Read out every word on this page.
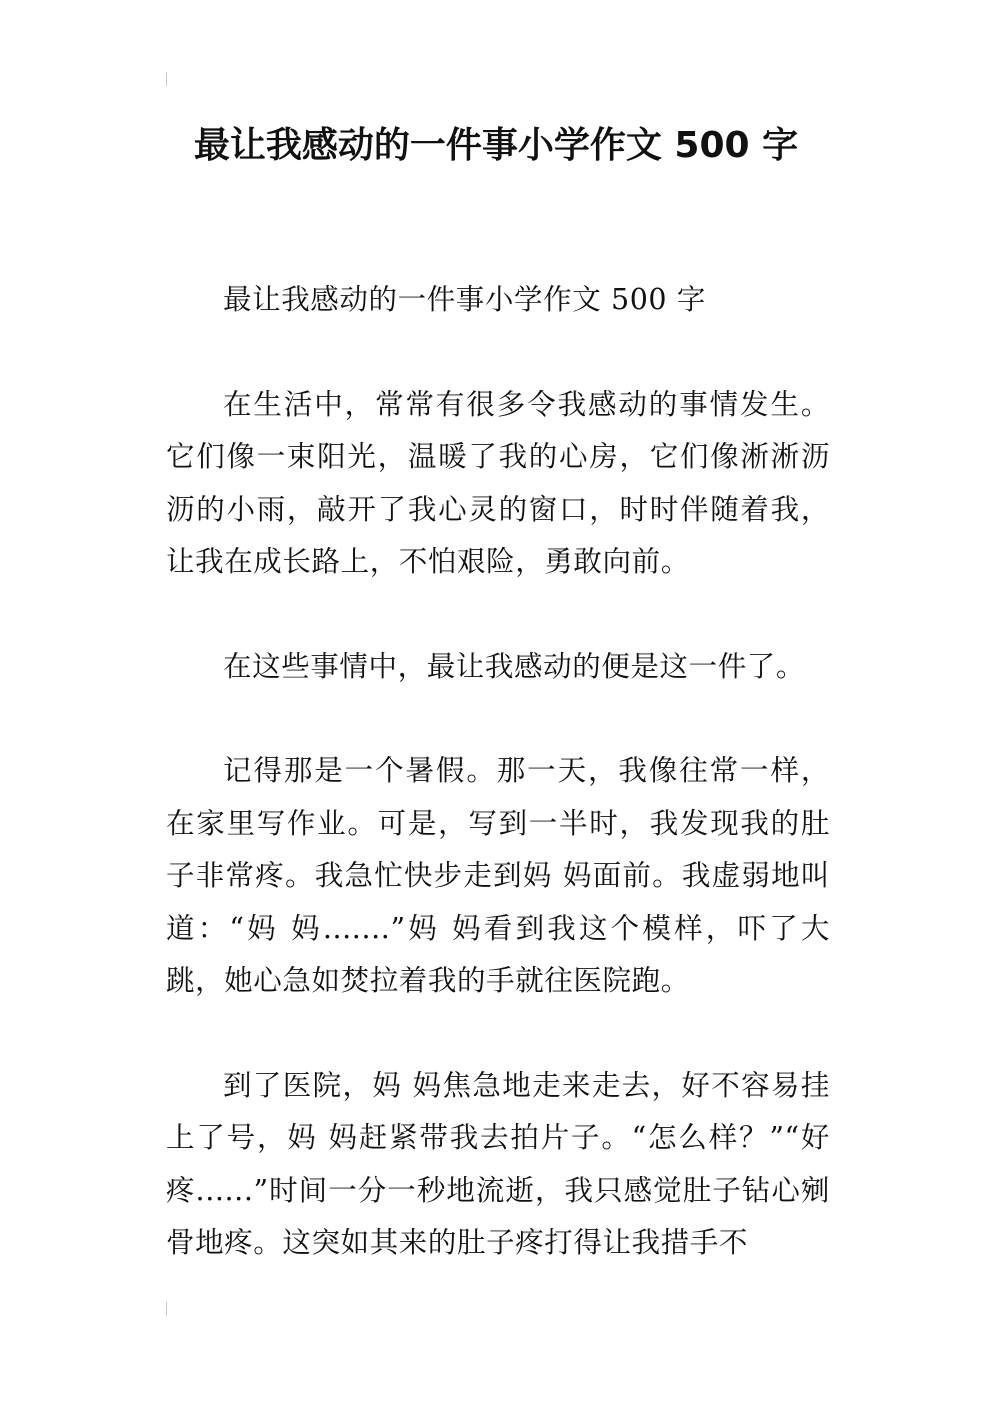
最让我感动的一件事小学作文 500 字

最让我感动的一件事小学作文 500 字

在生活中，常常有很多令我感动的事情发生。它们像一束阳光，温暖了我的心房，它们像淅淅沥沥的小雨，敲开了我心灵的窗口，时时伴随着我，让我在成长路上，不怕艰险，勇敢向前。

在这些事情中，最让我感动的便是这一件了。

记得那是一个暑假。那一天，我像往常一样，在家里写作业。可是，写到一半时，我发现我的肚子非常疼。我急忙快步走到妈 妈面前。我虚弱地叫道：“妈 妈.......”妈 妈看到我这个模样，吓了大跳，她心急如焚拉着我的手就往医院跑。

到了医院，妈 妈焦急地走来走去，好不容易挂上了号，妈 妈赶紧带我去拍片子。“怎么样？”“好疼......”时间一分一秒地流逝，我只感觉肚子钻心剜骨地疼。这突如其来的肚子疼打得让我措手不
